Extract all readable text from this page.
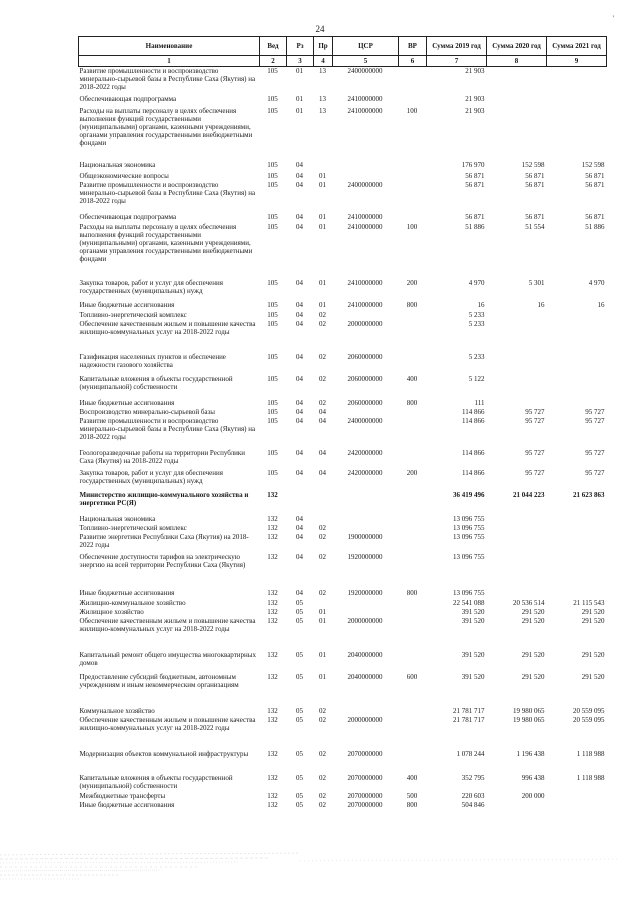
'
24
Наименование	Вед	Рз	Пр	ЦСР	ВР	Сумма 2019 год	Сумма 2020 год	Сумма 2021 год
1	2	3	4	5	6	7	8	9
Развитие промышленности и воспроизводство минерально-сырьевой базы в Республике Саха (Якутия) на 2018-2022 годы	105	01	13	2400000000		21 903		
Обеспечивающая подпрограмма	105	01	13	2410000000		21 903		
Расходы на выплаты персоналу в целях обеспечения выполнения функций государственными (муниципальными) органами, казенными учреждениями, органами управления государственными внебюджетными фондами	105	01	13	2410000000	100	21 903		
Национальная экономика	105	04				176 970	152 598	152 598
Общеэкономические вопросы	105	04	01			56 871	56 871	56 871
Развитие промышленности и воспроизводство минерально-сырьевой базы в Республике Саха (Якутия) на 2018-2022 годы	105	04	01	2400000000		56 871	56 871	56 871
Обеспечивающая подпрограмма	105	04	01	2410000000		56 871	56 871	56 871
Расходы на выплаты персоналу в целях обеспечения выполнения функций государственными (муниципальными) органами, казенными учреждениями, органами управления государственными внебюджетными фондами	105	04	01	2410000000	100	51 886	51 554	51 886
Закупка товаров, работ и услуг для обеспечения государственных (муниципальных) нужд	105	04	01	2410000000	200	4 970	5 301	4 970
Иные бюджетные ассигнования	105	04	01	2410000000	800	16	16	16
Топливно-энергетический комплекс	105	04	02			5 233		
Обеспечение качественным жильем и повышение качества жилищно-коммунальных услуг на 2018-2022 годы	105	04	02	2000000000		5 233		
Газификация населенных пунктов и обеспечение надежности газового хозяйства	105	04	02	2060000000		5 233		
Капитальные вложения в объекты государственной (муниципальной) собственности	105	04	02	2060000000	400	5 122		
Иные бюджетные ассигнования	105	04	02	2060000000	800	111		
Воспроизводство минерально-сырьевой базы	105	04	04			114 866	95 727	95 727
Развитие промышленности и воспроизводство минерально-сырьевой базы в Республике Саха (Якутия) на 2018-2022 годы	105	04	04	2400000000		114 866	95 727	95 727
Геологоразведочные работы на территории Республики Саха (Якутия) на 2018-2022 годы	105	04	04	2420000000		114 866	95 727	95 727
Закупка товаров, работ и услуг для обеспечения государственных (муниципальных) нужд	105	04	04	2420000000	200	114 866	95 727	95 727
Министерство жилищно-коммунального хозяйства и энергетики РС(Я)	132					36 419 496	21 044 223	21 623 863
Национальная экономика	132	04				13 096 755		
Топливно-энергетический комплекс	132	04	02			13 096 755		
Развитие энергетики Республики Саха (Якутия) на 2018-2022 годы	132	04	02	1900000000		13 096 755		
Обеспечение доступности тарифов на электрическую энергию на всей территории Республики Саха (Якутия)	132	04	02	1920000000		13 096 755		
Иные бюджетные ассигнования	132	04	02	1920000000	800	13 096 755		
Жилищно-коммунальное хозяйство	132	05				22 541 088	20 536 514	21 115 543
Жилищное хозяйство	132	05	01			391 520	291 520	291 520
Обеспечение качественным жильем и повышение качества жилищно-коммунальных услуг на 2018-2022 годы	132	05	01	2000000000		391 520	291 520	291 520
Капитальный ремонт общего имущества многоквартирных домов	132	05	01	2040000000		391 520	291 520	291 520
Предоставление субсидий бюджетным, автономным учреждениям и иным некоммерческим организациям	132	05	01	2040000000	600	391 520	291 520	291 520
Коммунальное хозяйство	132	05	02			21 781 717	19 980 065	20 559 095
Обеспечение качественным жильем и повышение качества жилищно-коммунальных услуг на 2018-2022 годы	132	05	02	2000000000		21 781 717	19 980 065	20 559 095
Модернизация объектов коммунальной инфраструктуры	132	05	02	2070000000		1 078 244	1 196 438	1 118 988
Капитальные вложения в объекты государственной (муниципальной) собственности	132	05	02	2070000000	400	352 795	996 438	1 118 988
Межбюджетные трансферты	132	05	02	2070000000	500	220 603	200 000	
Иные бюджетные ассигнования	132	05	02	2070000000	800	504 846		
